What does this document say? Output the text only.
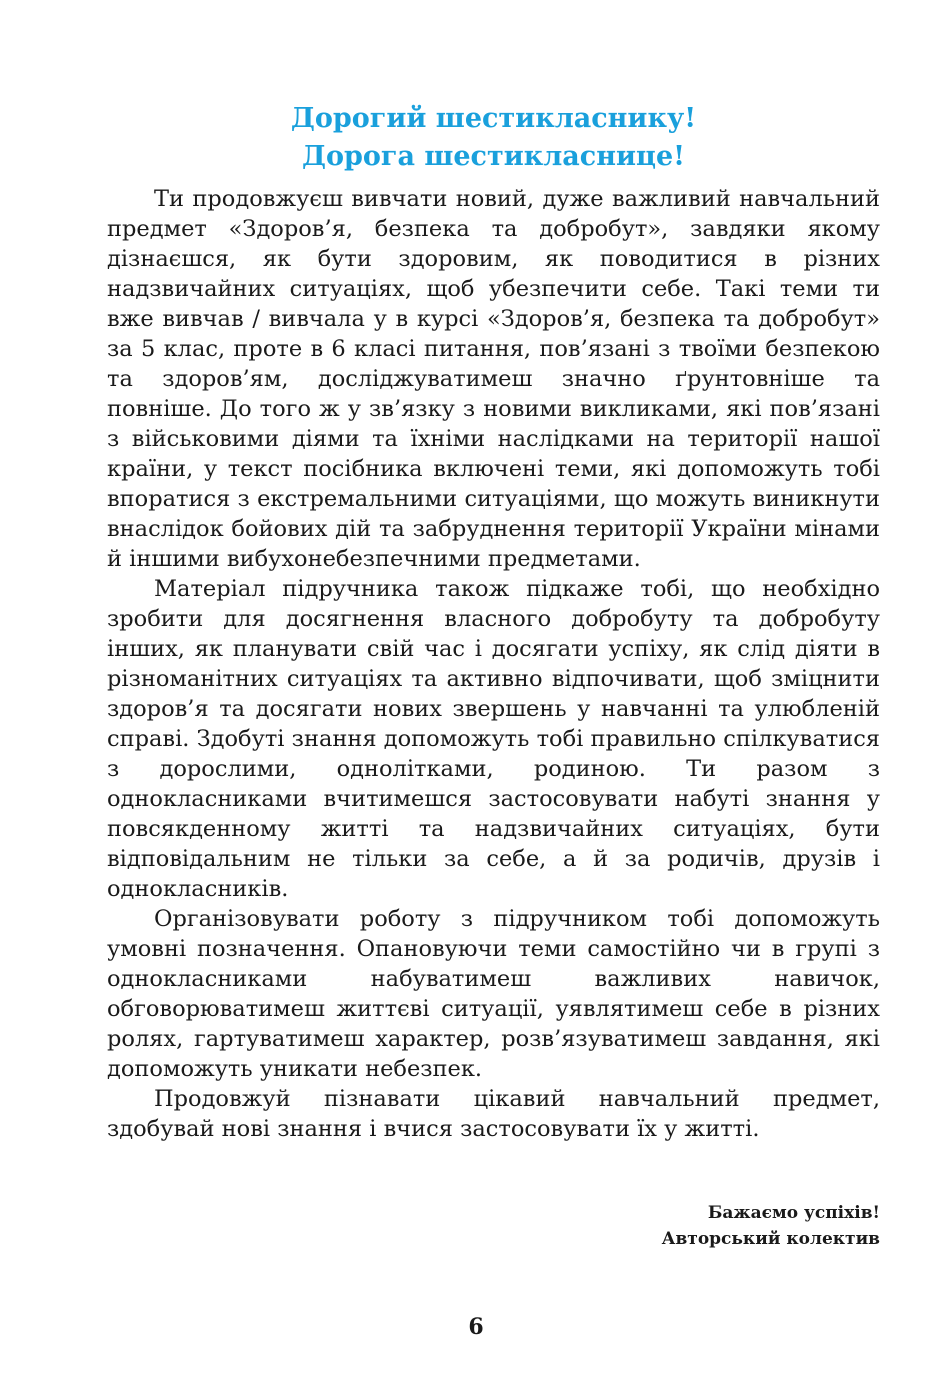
Дорогий шестикласнику!
Дорога шестикласнице!

Ти продовжуєш вивчати новий, дуже важливий навчальний предмет «Здоров’я, безпека та добробут», завдяки якому дізнаєшся, як бути здоровим, як поводитися в різних надзвичайних ситуаціях, щоб убезпечити себе. Такі теми ти вже вивчав / вивчала у в курсі «Здоров’я, безпека та добробут» за 5 клас, проте в 6 класі питання, пов’язані з твоїми безпекою та здоров’ям, досліджуватимеш значно ґрунтовніше та повніше. До того ж у зв’язку з новими викликами, які пов’язані з військовими діями та їхніми наслідками на території нашої країни, у текст посібника включені теми, які допоможуть тобі впоратися з екстремальними ситуаціями, що можуть виникнути внаслідок бойових дій та забруднення території України мінами й іншими вибухонебезпечними предметами.

Матеріал підручника також підкаже тобі, що необхідно зробити для досягнення власного добробуту та добробуту інших, як планувати свій час і досягати успіху, як слід діяти в різноманітних ситуаціях та активно відпочивати, щоб зміцнити здоров’я та досягати нових звершень у навчанні та улюбленій справі. Здобуті знання допоможуть тобі правильно спілкуватися з дорослими, однолітками, родиною. Ти разом з однокласниками вчитимешся застосовувати набуті знання у повсякденному житті та надзвичайних ситуаціях, бути відповідальним не тільки за себе, а й за родичів, друзів і однокласників.

Організовувати роботу з підручником тобі допоможуть умовні позначення. Опановуючи теми самостійно чи в групі з однокласниками набуватимеш важливих навичок, обговорюватимеш життєві ситуації, уявлятимеш себе в різних ролях, гартуватимеш характер, розв’язуватимеш завдання, які допоможуть уникати небезпек.

Продовжуй пізнавати цікавий навчальний предмет, здобувай нові знання і вчися застосовувати їх у житті.

Бажаємо успіхів!
Авторський колектив
6
